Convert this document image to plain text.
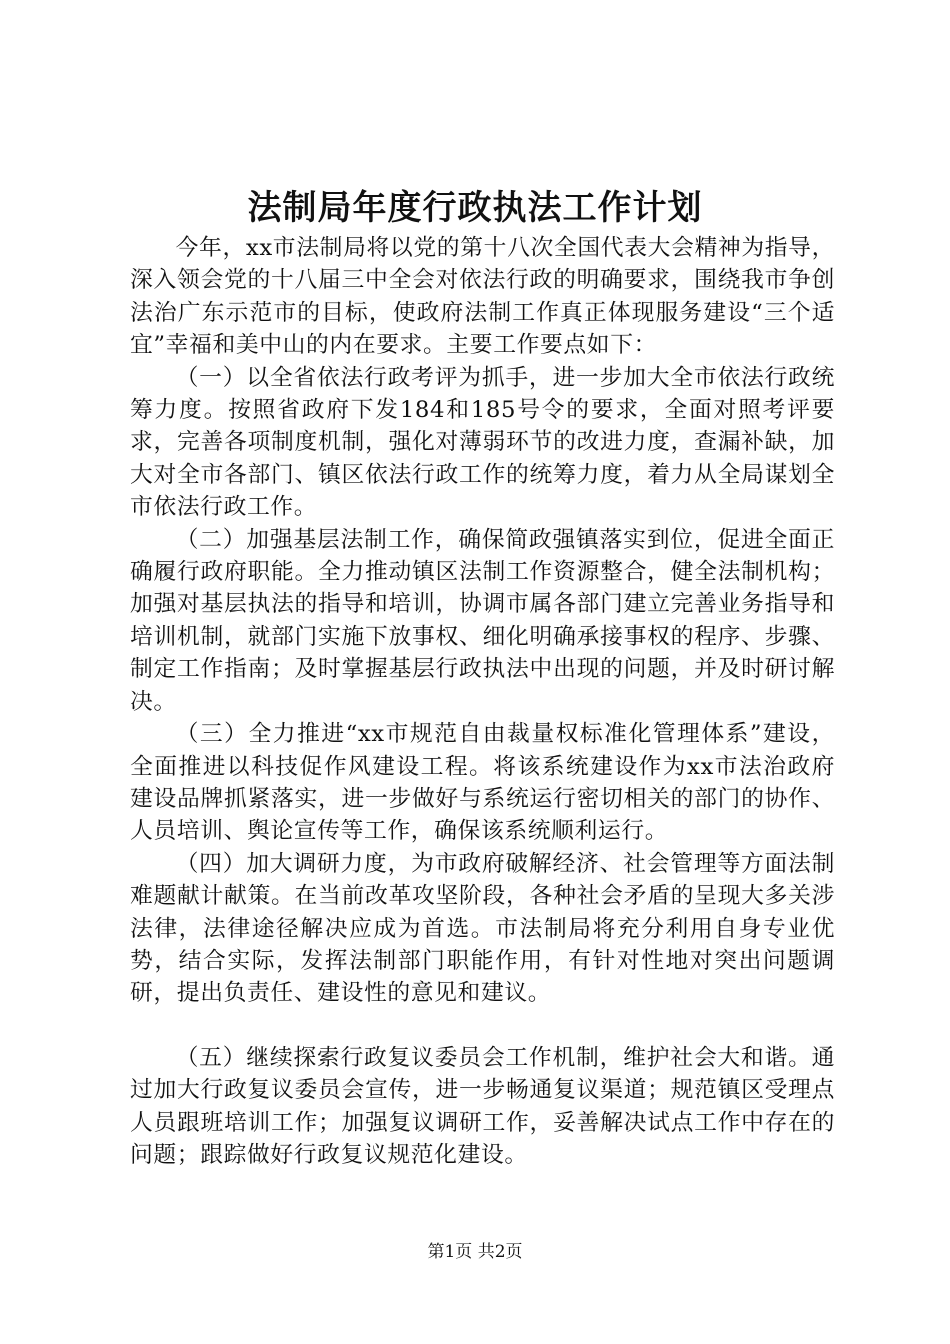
法制局年度行政执法工作计划

今年，xx市法制局将以党的第十八次全国代表大会精神为指导，深入领会党的十八届三中全会对依法行政的明确要求，围绕我市争创法治广东示范市的目标，使政府法制工作真正体现服务建设“三个适宜”幸福和美中山的内在要求。主要工作要点如下：

（一）以全省依法行政考评为抓手，进一步加大全市依法行政统筹力度。按照省政府下发184和185号令的要求，全面对照考评要求，完善各项制度机制，强化对薄弱环节的改进力度，查漏补缺，加大对全市各部门、镇区依法行政工作的统筹力度，着力从全局谋划全市依法行政工作。

（二）加强基层法制工作，确保简政强镇落实到位，促进全面正确履行政府职能。全力推动镇区法制工作资源整合，健全法制机构；加强对基层执法的指导和培训，协调市属各部门建立完善业务指导和培训机制，就部门实施下放事权、细化明确承接事权的程序、步骤、制定工作指南；及时掌握基层行政执法中出现的问题，并及时研讨解决。

（三）全力推进“xx市规范自由裁量权标准化管理体系”建设，全面推进以科技促作风建设工程。将该系统建设作为xx市法治政府建设品牌抓紧落实，进一步做好与系统运行密切相关的部门的协作、人员培训、舆论宣传等工作，确保该系统顺利运行。

（四）加大调研力度，为市政府破解经济、社会管理等方面法制难题献计献策。在当前改革攻坚阶段，各种社会矛盾的呈现大多关涉法律，法律途径解决应成为首选。市法制局将充分利用自身专业优势，结合实际，发挥法制部门职能作用，有针对性地对突出问题调研，提出负责任、建设性的意见和建议。

（五）继续探索行政复议委员会工作机制，维护社会大和谐。通过加大行政复议委员会宣传，进一步畅通复议渠道；规范镇区受理点人员跟班培训工作；加强复议调研工作，妥善解决试点工作中存在的问题；跟踪做好行政复议规范化建设。

第1页 共2页
